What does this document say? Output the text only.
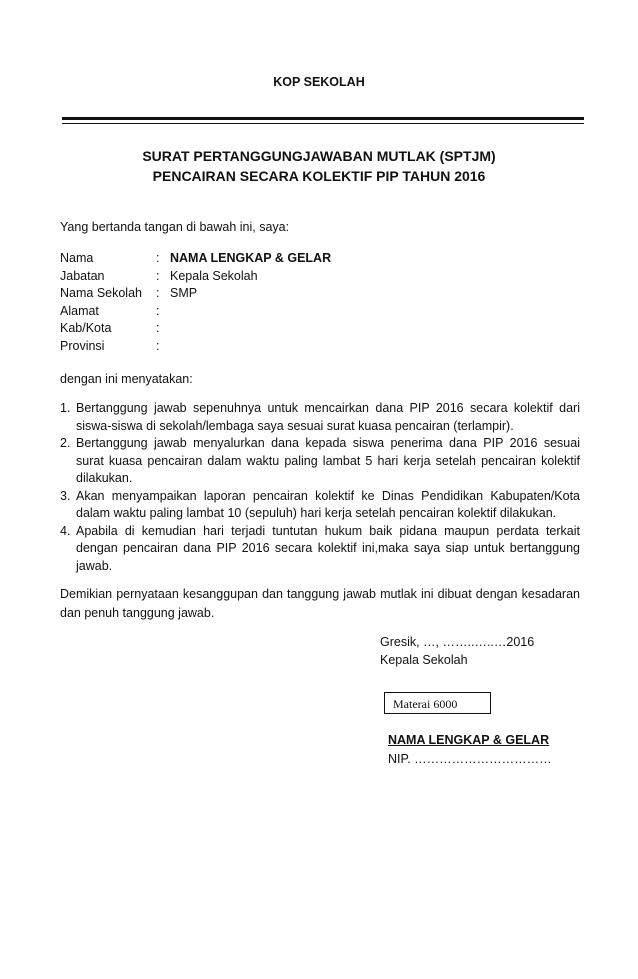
KOP SEKOLAH
SURAT PERTANGGUNGJAWABAN MUTLAK (SPTJM)
PENCAIRAN SECARA KOLEKTIF PIP TAHUN 2016
Yang bertanda tangan di bawah ini, saya:
Nama	: NAMA LENGKAP & GELAR
Jabatan	: Kepala Sekolah
Nama Sekolah	: SMP
Alamat	:
Kab/Kota	:
Provinsi	:
dengan ini menyatakan:
1. Bertanggung jawab sepenuhnya untuk mencairkan dana PIP 2016 secara kolektif dari siswa-siswa di sekolah/lembaga saya sesuai surat kuasa pencairan (terlampir).
2. Bertanggung jawab menyalurkan dana kepada siswa penerima dana PIP 2016 sesuai surat kuasa pencairan dalam waktu paling lambat 5 hari kerja setelah pencairan kolektif dilakukan.
3. Akan menyampaikan laporan pencairan kolektif ke Dinas Pendidikan Kabupaten/Kota dalam waktu paling lambat 10 (sepuluh) hari kerja setelah pencairan kolektif dilakukan.
4. Apabila di kemudian hari terjadi tuntutan hukum baik pidana maupun perdata terkait dengan pencairan dana PIP 2016 secara kolektif ini,maka saya siap untuk bertanggung jawab.
Demikian pernyataan kesanggupan dan tanggung jawab mutlak ini dibuat dengan kesadaran dan penuh tanggung jawab.
Gresik, …, ……..…..…2016
Kepala Sekolah
Materai 6000
NAMA LENGKAP & GELAR
NIP. ……………………………
